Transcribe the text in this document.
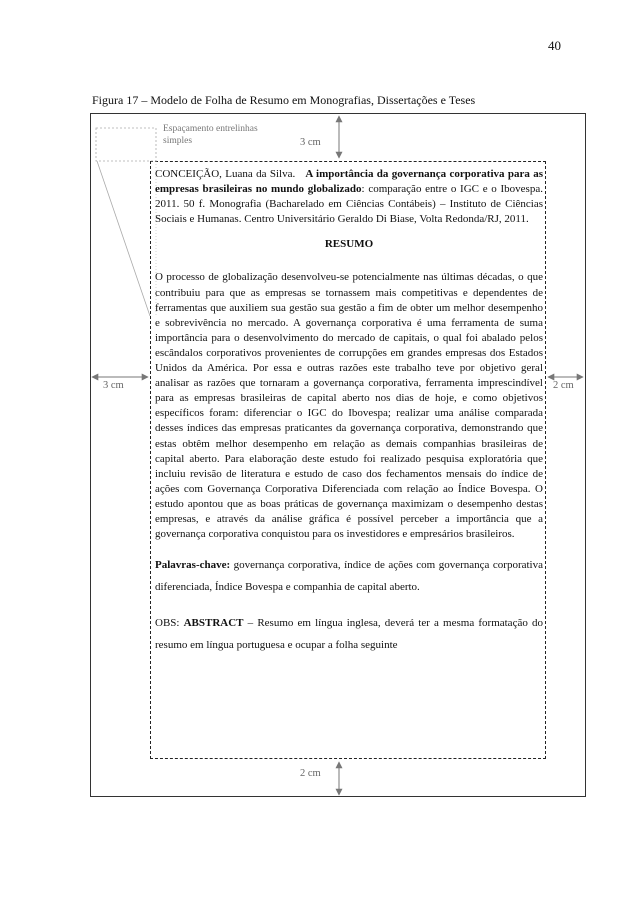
40
Figura 17 – Modelo de Folha de Resumo em Monografias, Dissertações e Teses
Espaçamento entrelinhas simples	3 cm
3 cm	2 cm
2 cm

CONCEIÇÃO, Luana da Silva. A importância da governança corporativa para as empresas brasileiras no mundo globalizado: comparação entre o IGC e o Ibovespa. 2011. 50 f. Monografia (Bacharelado em Ciências Contábeis) – Instituto de Ciências Sociais e Humanas. Centro Universitário Geraldo Di Biase, Volta Redonda/RJ, 2011.

RESUMO

O processo de globalização desenvolveu-se potencialmente nas últimas décadas, o que contribuiu para que as empresas se tornassem mais competitivas e dependentes de ferramentas que auxiliem sua gestão sua gestão a fim de obter um melhor desempenho e sobrevivência no mercado. A governança corporativa é uma ferramenta de suma importância para o desenvolvimento do mercado de capitais, o qual foi abalado pelos escândalos corporativos provenientes de corrupções em grandes empresas dos Estados Unidos da América. Por essa e outras razões este trabalho teve por objetivo geral analisar as razões que tornaram a governança corporativa, ferramenta imprescindível para as empresas brasileiras de capital aberto nos dias de hoje, e como objetivos específicos foram: diferenciar o IGC do Ibovespa; realizar uma análise comparada desses índices das empresas praticantes da governança corporativa, demonstrando que estas obtêm melhor desempenho em relação as demais companhias brasileiras de capital aberto. Para elaboração deste estudo foi realizado pesquisa exploratória que incluiu revisão de literatura e estudo de caso dos fechamentos mensais do índice de ações com Governança Corporativa Diferenciada com relação ao Índice Bovespa. O estudo apontou que as boas práticas de governança maximizam o desempenho destas empresas, e através da análise gráfica é possível perceber a importância que a governança corporativa conquistou para os investidores e empresários brasileiros.

Palavras-chave: governança corporativa, índice de ações com governança corporativa diferenciada, Índice Bovespa e companhia de capital aberto.

OBS: ABSTRACT – Resumo em língua inglesa, deverá ter a mesma formatação do resumo em língua portuguesa e ocupar a folha seguinte
